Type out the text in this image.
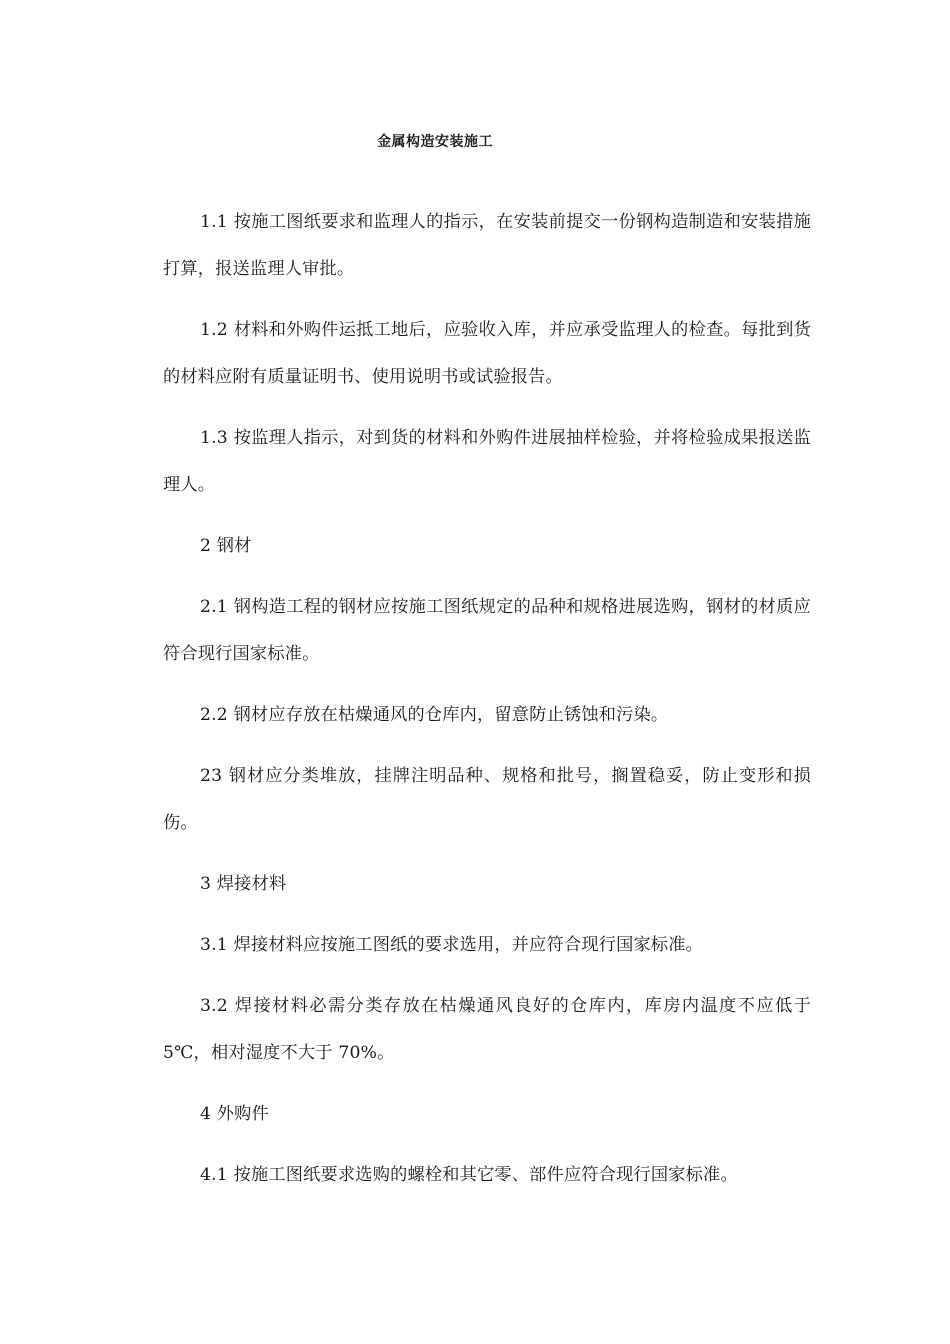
金属构造安装施工

1.1 按施工图纸要求和监理人的指示，在安装前提交一份钢构造制造和安装措施打算，报送监理人审批。

1.2 材料和外购件运抵工地后，应验收入库，并应承受监理人的检查。每批到货的材料应附有质量证明书、使用说明书或试验报告。

1.3 按监理人指示，对到货的材料和外购件进展抽样检验，并将检验成果报送监理人。

2 钢材

2.1 钢构造工程的钢材应按施工图纸规定的品种和规格进展选购，钢材的材质应符合现行国家标准。

2.2 钢材应存放在枯燥通风的仓库内，留意防止锈蚀和污染。

23 钢材应分类堆放，挂牌注明品种、规格和批号，搁置稳妥，防止变形和损伤。

3 焊接材料

3.1 焊接材料应按施工图纸的要求选用，并应符合现行国家标准。

3.2 焊接材料必需分类存放在枯燥通风良好的仓库内，库房内温度不应低于 5℃，相对湿度不大于 70%。

4 外购件

4.1 按施工图纸要求选购的螺栓和其它零、部件应符合现行国家标准。
